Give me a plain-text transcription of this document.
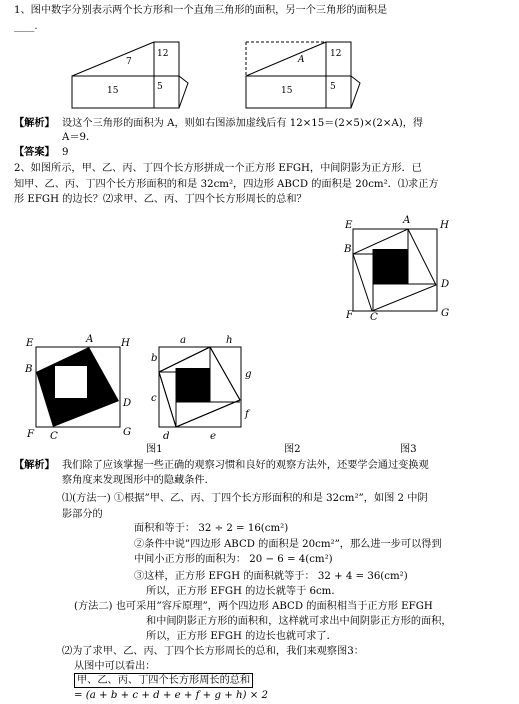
1、图中数字分别表示两个长方形和一个直角三角形的面积，另一个三角形的面积是
____.
7
12
15	5
A
12
15	5
【解析】 设这个三角形的面积为 A，则如右图添加虚线后有 12×15＝(2×5)×(2×A)，得
A＝9．
【答案】 9
2、如图所示，甲、乙、丙、丁四个长方形拼成一个正方形 EFGH，中间阴影为正方形．已
知甲、乙、丙、丁四个长方形面积的和是 32cm²，四边形 ABCD 的面积是 20cm²．⑴求正方
形 EFGH 的边长？⑵求甲、乙、丙、丁四个长方形周长的总和？
E	A	H
B
D
F C	G
E	A	H
B
D
F C	G
a	h
b
g
c
f
d	e
图1	图2	图3
【解析】 我们除了应该掌握一些正确的观察习惯和良好的观察方法外，还要学会通过变换观
察角度来发现图形中的隐藏条件．
⑴(方法一) ①根据”甲、乙、丙、丁四个长方形面积的和是 32cm²”，如图 2 中阴
影部分的
面积和等于： 32 ÷ 2 = 16(cm²)
②条件中说”四边形 ABCD 的面积是 20cm²”，那么进一步可以得到
中间小正方形的面积为： 20 − 6 = 4(cm²)
③这样，正方形 EFGH 的面积就等于： 32 + 4 = 36(cm²)
所以，正方形 EFGH 的边长就等于 6cm．
(方法二) 也可采用”容斥原理”，两个四边形 ABCD 的面积相当于正方形 EFGH
和中间阴影正方形的面积和，这样就可求出中间阴影正方形的面积，
所以，正方形 EFGH 的边长也就可求了．
⑵为了求甲、乙、丙、丁四个长方形周长的总和，我们来观察图3：
从图中可以看出：
甲、乙、丙、丁四个长方形周长的总和
= (a + b + c + d + e + f + g + h) × 2
